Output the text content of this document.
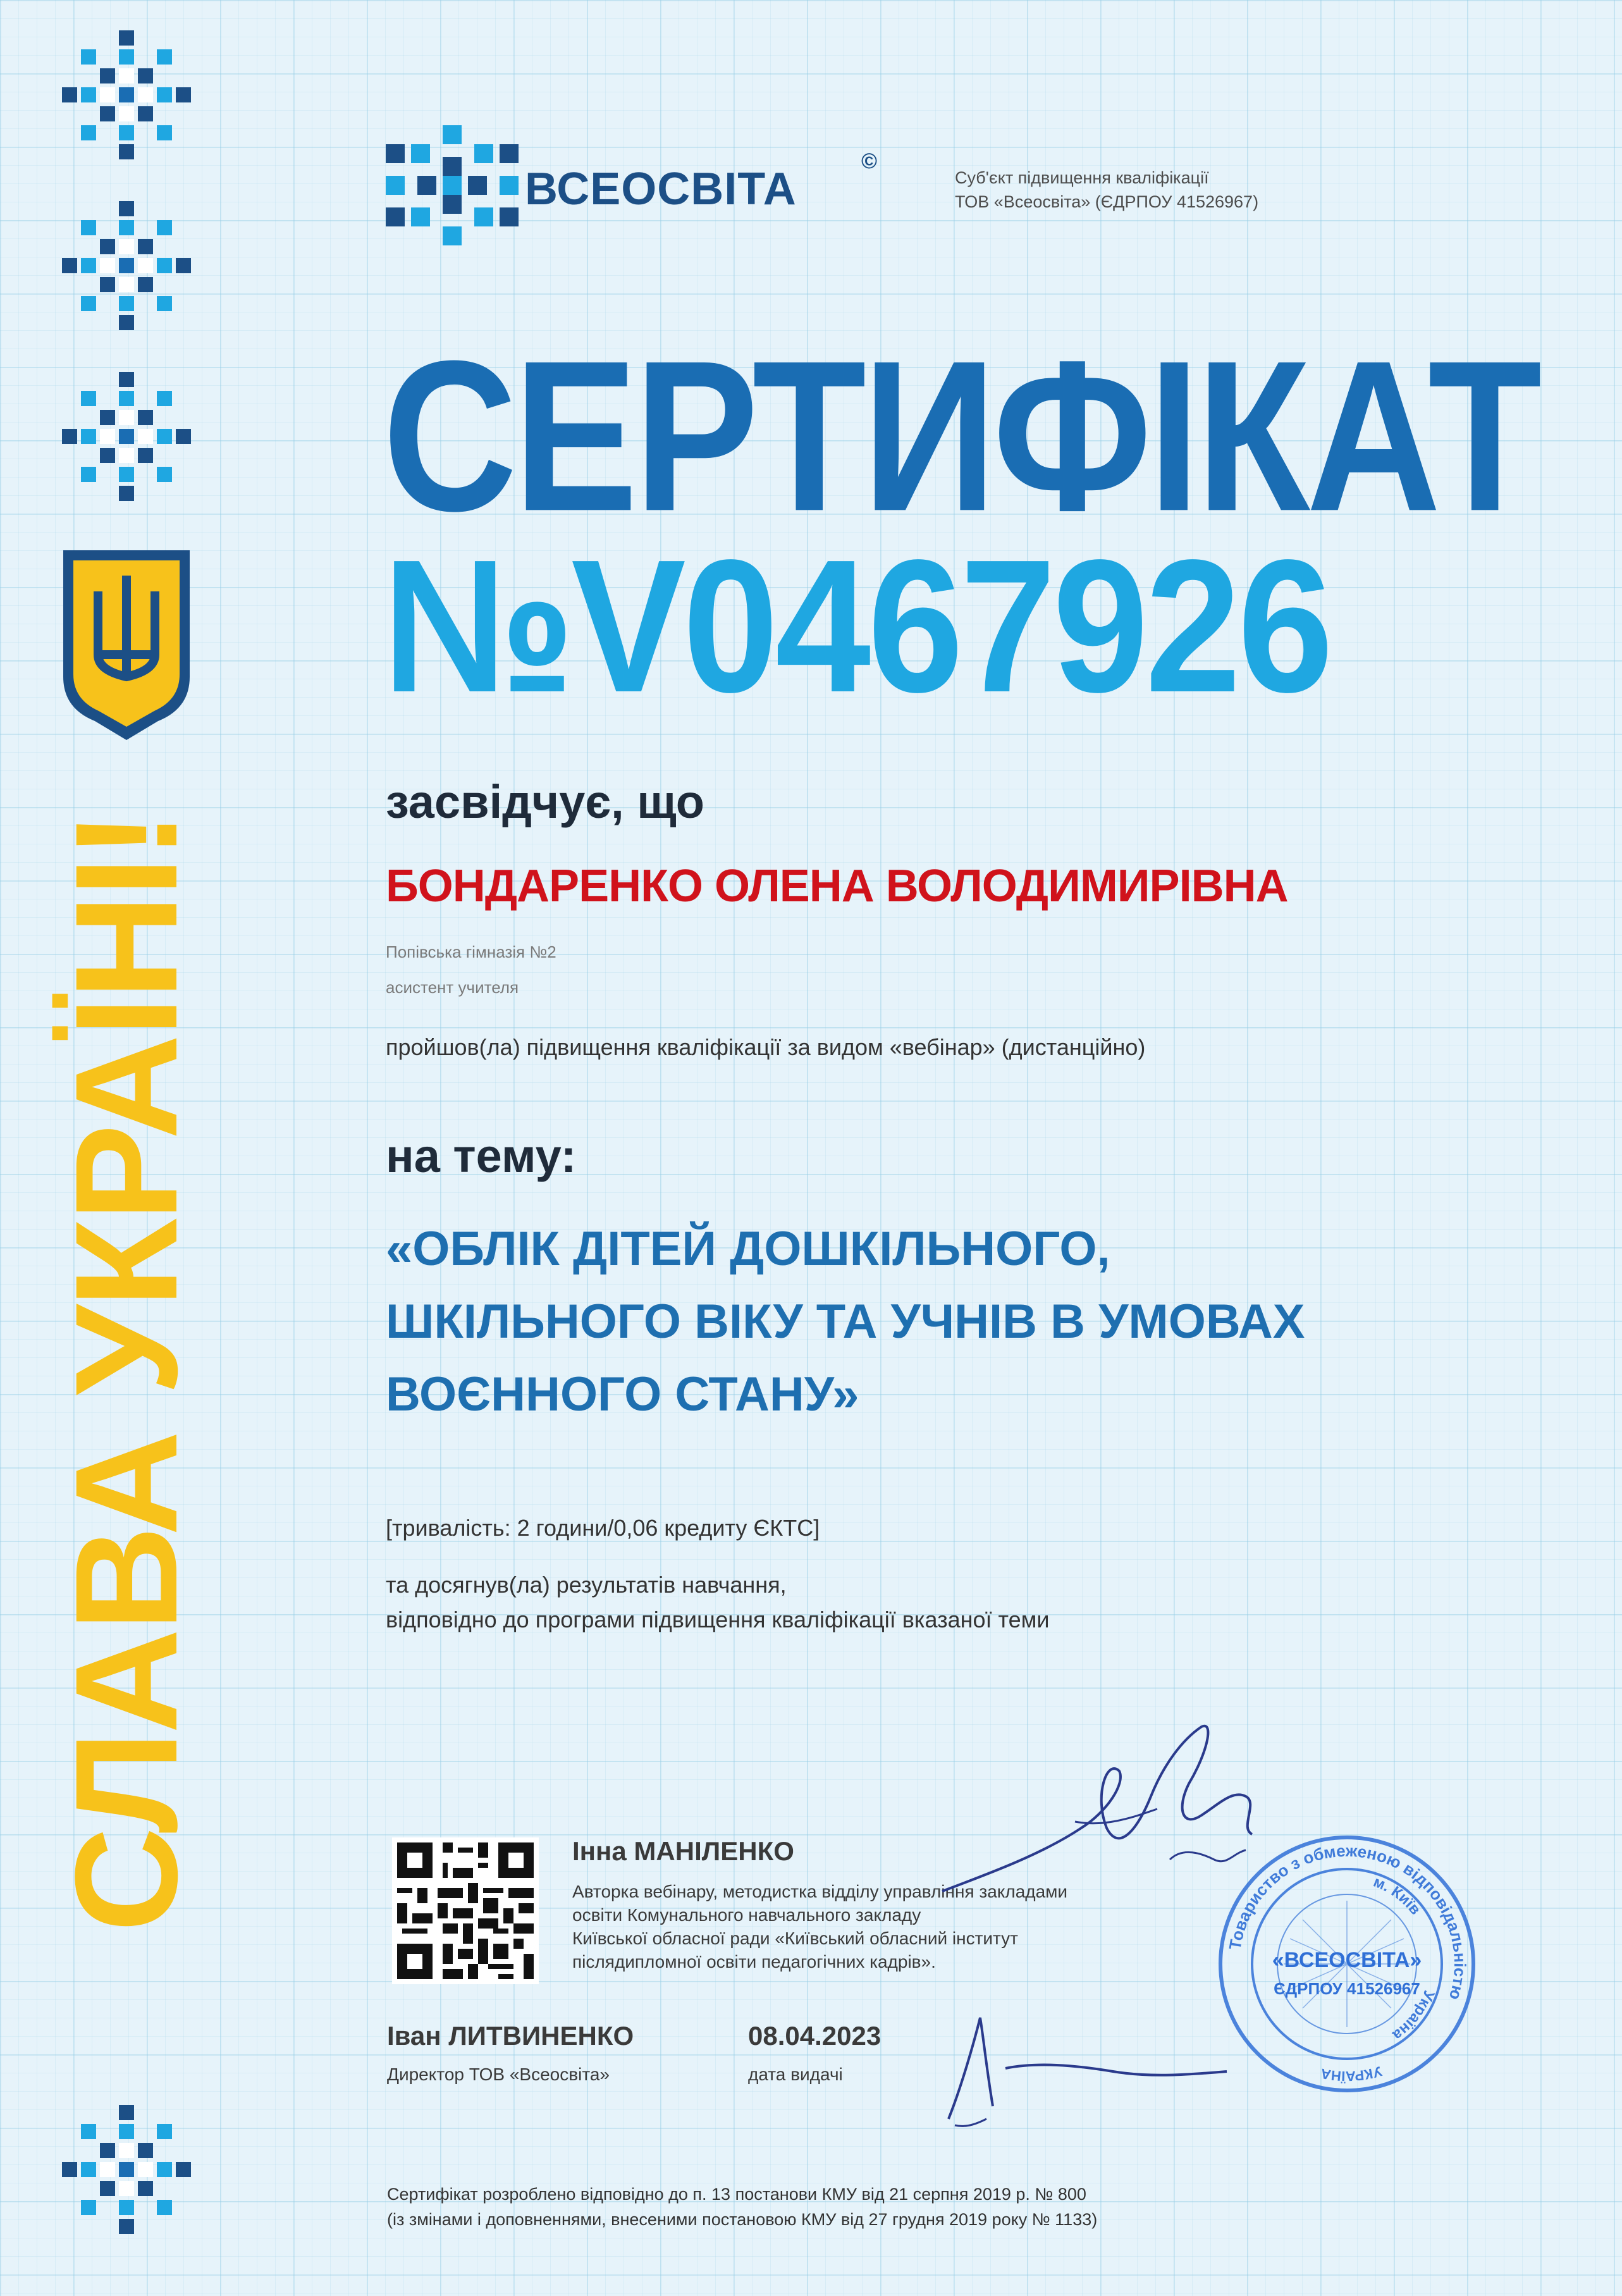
СЛАВА УКРАЇНІ!
ВСЕОСВІТА
©
Суб'єкт підвищення кваліфікації
ТОВ «Всеосвіта» (ЄДРПОУ 41526967)
СЕРТИФІКАТ
№V0467926
засвідчує, що
БОНДАРЕНКО ОЛЕНА ВОЛОДИМИРІВНА
Попівська гімназія №2
асистент учителя
пройшов(ла) підвищення кваліфікації за видом «вебінар» (дистанційно)
на тему:
«ОБЛІК ДІТЕЙ ДОШКІЛЬНОГО,
ШКІЛЬНОГО ВІКУ ТА УЧНІВ В УМОВАХ
ВОЄННОГО СТАНУ»
[тривалість: 2 години/0,06 кредиту ЄКТС]
та досягнув(ла) результатів навчання,
відповідно до програми підвищення кваліфікації вказаної теми
Інна МАНІЛЕНКО
Авторка вебінару, методистка відділу управління закладами
освіти Комунального навчального закладу
Київської обласної ради «Київський обласний інститут
післядипломної освіти педагогічних кадрів».
Іван ЛИТВИНЕНКО
Директор ТОВ «Всеосвіта»
08.04.2023
дата видачі
Товариство з обмеженою відповідальністю
Україна
м. Київ
УКРАЇНА
«ВСЕОСВІТА»
ЄДРПОУ 41526967
Сертифікат розроблено відповідно до п. 13 постанови КМУ від 21 серпня 2019 р. № 800
(із змінами і доповненнями, внесеними постановою КМУ від 27 грудня 2019 року № 1133)
